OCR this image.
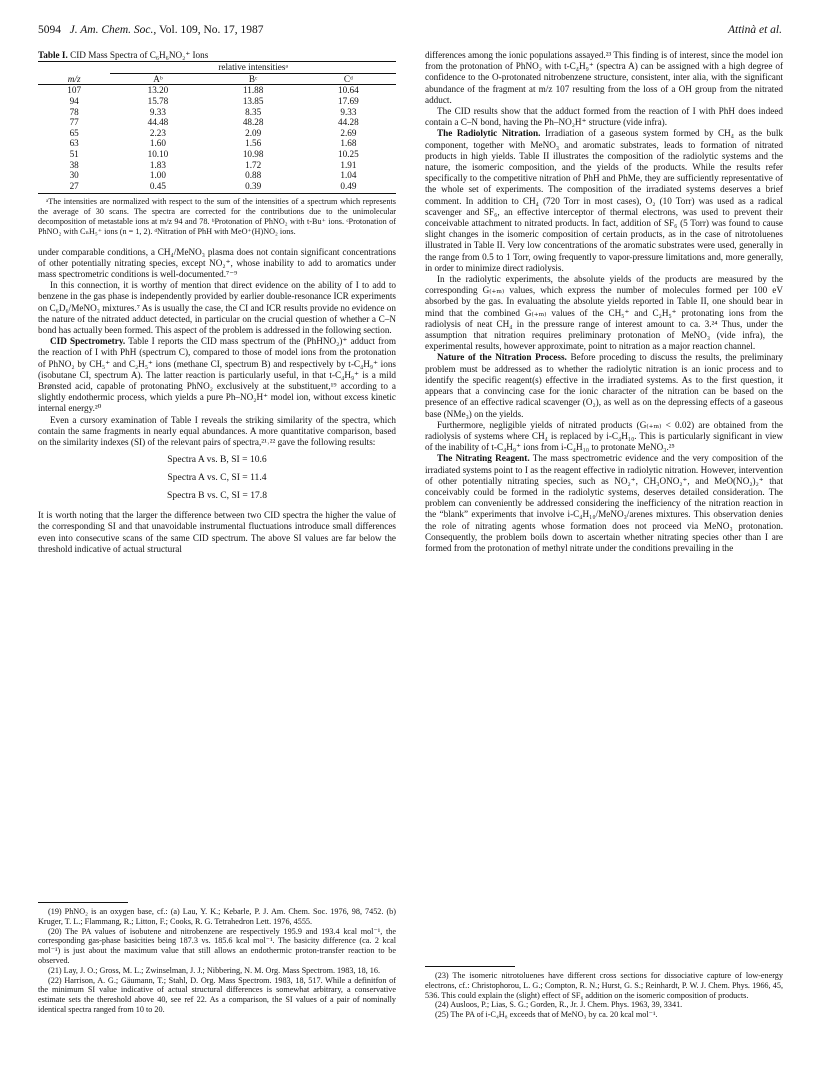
5094 J. Am. Chem. Soc., Vol. 109, No. 17, 1987	Attinà et al.

Table I. CID Mass Spectra of C₆H₆NO₂⁺ Ions

	relative intensitiesᵃ		
m/z	Aᵇ	Bᶜ	Cᵈ
107	13.20	11.88	10.64
94	15.78	13.85	17.69
78	9.33	8.35	9.33
77	44.48	48.28	44.28
65	2.23	2.09	2.69
63	1.60	1.56	1.68
51	10.10	10.98	10.25
38	1.83	1.72	1.91
30	1.00	0.88	1.04
27	0.45	0.39	0.49

ᵃThe intensities are normalized with respect to the sum of the intensities of a spectrum which represents the average of 30 scans. The spectra are corrected for the contributions due to the unimolecular decomposition of metastable ions at m/z 94 and 78. ᵇProtonation of PhNO₂ with t-Bu⁺ ions. ᶜProtonation of PhNO₂ with CₙH₅⁺ ions (n = 1, 2). ᵈNitration of PhH with MeO⁺(H)NO₂ ions.

under comparable conditions, a CH₄/MeNO₃ plasma does not contain significant concentrations of other potentially nitrating species, except NO₂⁺, whose inability to add to aromatics under mass spectrometric conditions is well-documented.⁷⁻⁹

In this connection, it is worthy of mention that direct evidence on the ability of I to add to benzene in the gas phase is independently provided by earlier double-resonance ICR experiments on C₆D₆/MeNO₃ mixtures.⁷ As is usually the case, the CI and ICR results provide no evidence on the nature of the nitrated adduct detected, in particular on the crucial question of whether a C–N bond has actually been formed. This aspect of the problem is addressed in the following section.

CID Spectrometry. Table I reports the CID mass spectrum of the (PhHNO₂)⁺ adduct from the reaction of I with PhH (spectrum C), compared to those of model ions from the protonation of PhNO₂ by CH₅⁺ and C₂H₅⁺ ions (methane CI, spectrum B) and respectively by t-C₄H₉⁺ ions (isobutane CI, spectrum A). The latter reaction is particularly useful, in that t-C₄H₉⁺ is a mild Brønsted acid, capable of protonating PhNO₂ exclusively at the substituent,¹⁹ according to a slightly endothermic process, which yields a pure Ph–NO₂H⁺ model ion, without excess kinetic internal energy.²⁰

Even a cursory examination of Table I reveals the striking similarity of the spectra, which contain the same fragments in nearly equal abundances. A more quantitative comparison, based on the similarity indexes (SI) of the relevant pairs of spectra,²¹˒²² gave the following results:

Spectra A vs. B, SI = 10.6
Spectra A vs. C, SI = 11.4
Spectra B vs. C, SI = 17.8

It is worth noting that the larger the difference between two CID spectra the higher the value of the corresponding SI and that unavoidable instrumental fluctuations introduce small differences even into consecutive scans of the same CID spectrum. The above SI values are far below the threshold indicative of actual structural

(19) PhNO₂ is an oxygen base, cf.: (a) Lau, Y. K.; Kebarle, P. J. Am. Chem. Soc. 1976, 98, 7452. (b) Kruger, T. L.; Flammang, R.; Litton, F.; Cooks, R. G. Tetrahedron Lett. 1976, 4555.

(20) The PA values of isobutene and nitrobenzene are respectively 195.9 and 193.4 kcal mol⁻¹, the corresponding gas-phase basicities being 187.3 vs. 185.6 kcal mol⁻¹. The basicity difference (ca. 2 kcal mol⁻¹) is just about the maximum value that still allows an endothermic proton-transfer reaction to be observed.

(21) Lay, J. O.; Gross, M. L.; Zwinselman, J. J.; Nibbering, N. M. Org. Mass Spectrom. 1983, 18, 16.

(22) Harrison, A. G.; Gäumann, T.; Stahl, D. Org. Mass Spectrom. 1983, 18, 517. While a definitfon of the minimum SI value indicative of actual structural differences is somewhat arbitrary, a conservative estimate sets the thereshold above 40, see ref 22. As a comparison, the SI values of a pair of nominally identical spectra ranged from 10 to 20.

differences among the ionic populations assayed.²³ This finding is of interest, since the model ion from the protonation of PhNO₂ with t-C₄H₉⁺ (spectra A) can be assigned with a high degree of confidence to the O-protonated nitrobenzene structure, consistent, inter alia, with the significant abundance of the fragment at m/z 107 resulting from the loss of a OH group from the nitrated adduct.

The CID results show that the adduct formed from the reaction of I with PhH does indeed contain a C–N bond, having the Ph–NO₂H⁺ structure (vide infra).

The Radiolytic Nitration. Irradiation of a gaseous system formed by CH₄ as the bulk component, together with MeNO₃ and aromatic substrates, leads to formation of nitrated products in high yields. Table II illustrates the composition of the radiolytic systems and the nature, the isomeric composition, and the yields of the products. While the results refer specifically to the competitive nitration of PhH and PhMe, they are sufficiently representative of the whole set of experiments. The composition of the irradiated systems deserves a brief comment. In addition to CH₄ (720 Torr in most cases), O₂ (10 Torr) was used as a radical scavenger and SF₆, an effective interceptor of thermal electrons, was used to prevent their conceivable attachment to nitrated products. In fact, addition of SF₆ (5 Torr) was found to cause slight changes in the isomeric composition of certain products, as in the case of nitrotoluenes illustrated in Table II. Very low concentrations of the aromatic substrates were used, generally in the range from 0.5 to 1 Torr, owing frequently to vapor-pressure limitations and, more generally, in order to minimize direct radiolysis.

In the radiolytic experiments, the absolute yields of the products are measured by the corresponding G₍₊ₘ₎ values, which express the number of molecules formed per 100 eV absorbed by the gas. In evaluating the absolute yields reported in Table II, one should bear in mind that the combined G₍₊ₘ₎ values of the CH₅⁺ and C₂H₅⁺ protonating ions from the radiolysis of neat CH₄ in the pressure range of interest amount to ca. 3.²⁴ Thus, under the assumption that nitration requires preliminary protonation of MeNO₃ (vide infra), the experimental results, however approximate, point to nitration as a major reaction channel.

Nature of the Nitration Process. Before proceding to discuss the results, the preliminary problem must be addressed as to whether the radiolytic nitration is an ionic process and to identify the specific reagent(s) effective in the irradiated systems. As to the first question, it appears that a convincing case for the ionic character of the nitration can be based on the presence of an effective radical scavenger (O₂), as well as on the depressing effects of a gaseous base (NMe₃) on the yields.

Furthermore, negligible yields of nitrated products (G₍₊ₘ₎ < 0.02) are obtained from the radiolysis of systems where CH₄ is replaced by i-C₄H₁₀. This is particularly significant in view of the inability of t-C₄H₉⁺ ions from i-C₄H₁₀ to protonate MeNO₃.²⁵

The Nitrating Reagent. The mass spectrometric evidence and the very composition of the irradiated systems point to I as the reagent effective in radiolytic nitration. However, intervention of other potentially nitrating species, such as NO₂⁺, CH₃ONO₂⁺, and MeO(NO₂)₂⁺ that conceivably could be formed in the radiolytic systems, deserves detailed consideration. The problem can conveniently be addressed considering the inefficiency of the nitration reaction in the “blank” experiments that involve i-C₄H₁₀/MeNO₃/arenes mixtures. This observation denies the role of nitrating agents whose formation does not proceed via MeNO₃ protonation. Consequently, the problem boils down to ascertain whether nitrating species other than I are formed from the protonation of methyl nitrate under the conditions prevailing in the

(23) The isomeric nitrotoluenes have different cross sections for dissociative capture of low-energy electrons, cf.: Christophorou, L. G.; Compton, R. N.; Hurst, G. S.; Reinhardt, P. W. J. Chem. Phys. 1966, 45, 536. This could explain the (slight) effect of SF₆ addition on the isomeric composition of products.

(24) Ausloos, P.; Lias, S. G.; Gorden, R., Jr. J. Chem. Phys. 1963, 39, 3341.

(25) The PA of i-C₄H₈ exceeds that of MeNO₃ by ca. 20 kcal mol⁻¹.
